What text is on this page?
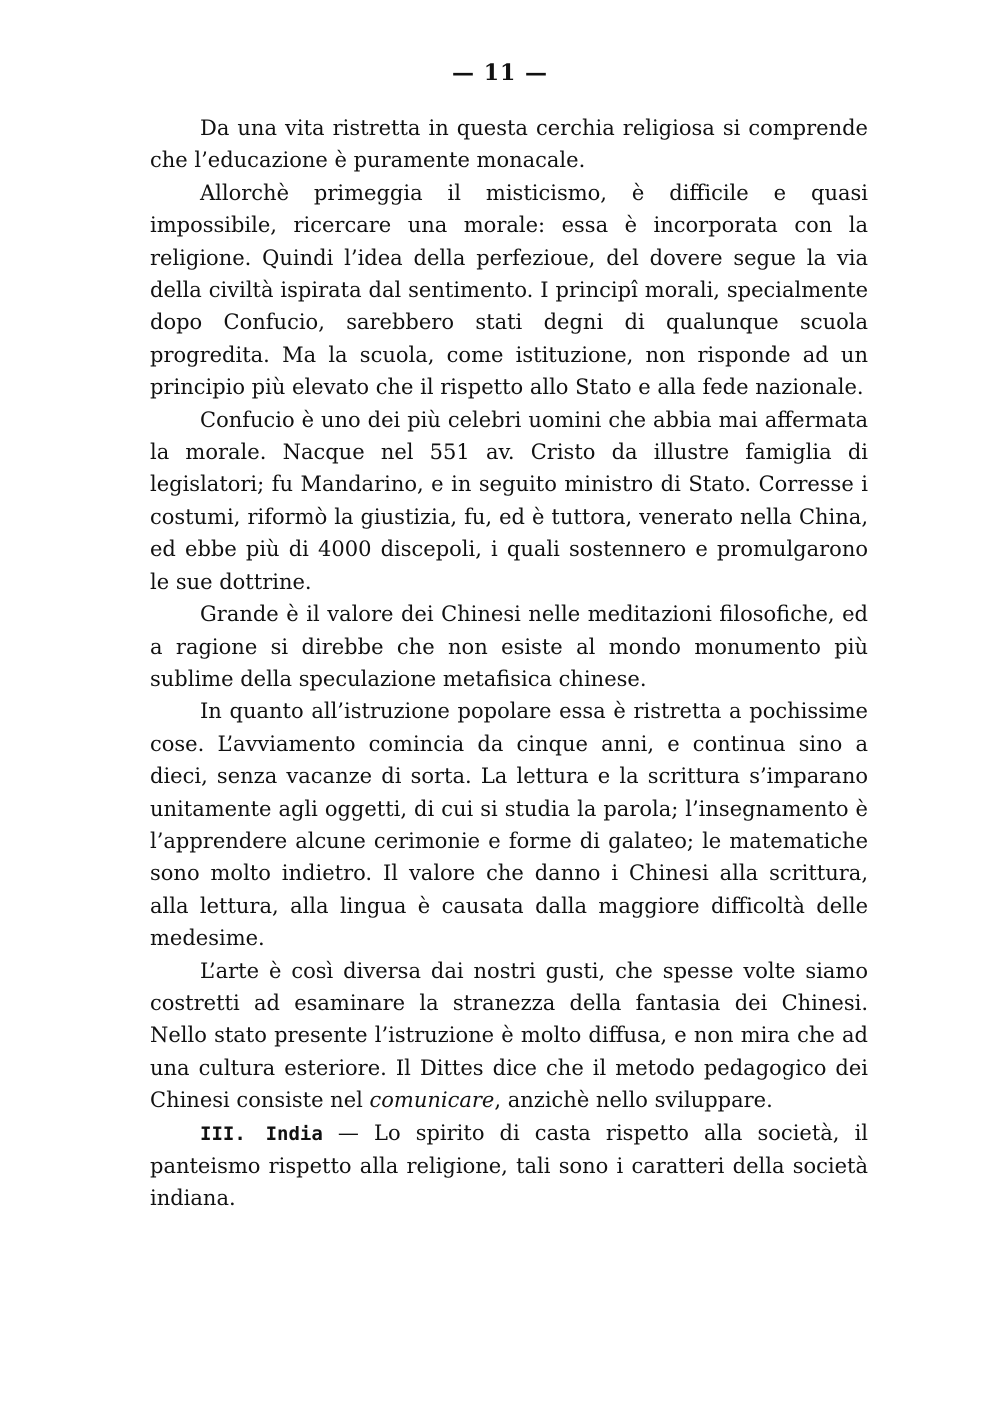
— 11 —

Da una vita ristretta in questa cerchia religiosa si comprende che l’educazione è puramente monacale.

Allorchè primeggia il misticismo, è difficile e quasi impossibile, ricercare una morale: essa è incorporata con la religione. Quindi l’idea della perfezioue, del dovere segue la via della civiltà ispirata dal sentimento. I principî morali, specialmente dopo Confucio, sarebbero stati degni di qualunque scuola progredita. Ma la scuola, come istituzione, non risponde ad un principio più elevato che il rispetto allo Stato e alla fede nazionale.

Confucio è uno dei più celebri uomini che abbia mai affermata la morale. Nacque nel 551 av. Cristo da illustre famiglia di legislatori; fu Mandarino, e in seguito ministro di Stato. Corresse i costumi, riformò la giustizia, fu, ed è tuttora, venerato nella China, ed ebbe più di 4000 discepoli, i quali sostennero e promulgarono le sue dottrine.

Grande è il valore dei Chinesi nelle meditazioni filosofiche, ed a ragione si direbbe che non esiste al mondo monumento più sublime della speculazione metafisica chinese.

In quanto all’istruzione popolare essa è ristretta a pochissime cose. L’avviamento comincia da cinque anni, e continua sino a dieci, senza vacanze di sorta. La lettura e la scrittura s’imparano unitamente agli oggetti, di cui si studia la parola; l’insegnamento è l’apprendere alcune cerimonie e forme di galateo; le matematiche sono molto indietro. Il valore che danno i Chinesi alla scrittura, alla lettura, alla lingua è causata dalla maggiore difficoltà delle medesime.

L’arte è così diversa dai nostri gusti, che spesse volte siamo costretti ad esaminare la stranezza della fantasia dei Chinesi. Nello stato presente l’istruzione è molto diffusa, e non mira che ad una cultura esteriore. Il Dittes dice che il metodo pedagogico dei Chinesi consiste nel comunicare, anzichè nello sviluppare.

III. India — Lo spirito di casta rispetto alla società, il panteismo rispetto alla religione, tali sono i caratteri della società indiana.
